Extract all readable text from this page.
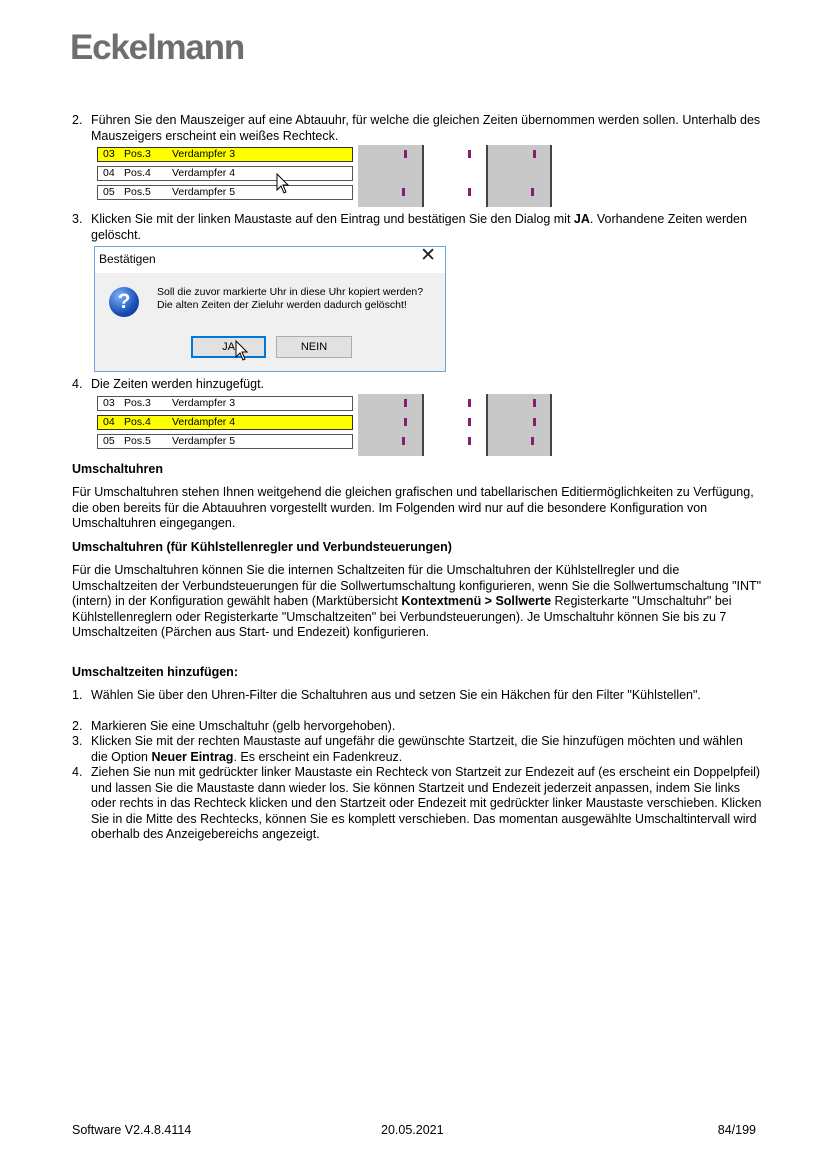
Eckelmann
2. Führen Sie den Mauszeiger auf eine Abtauuhr, für welche die gleichen Zeiten übernommen werden sollen. Unterhalb des Mauszeigers erscheint ein weißes Rechteck.
03 Pos.3 Verdampfer 3
04 Pos.4 Verdampfer 4
05 Pos.5 Verdampfer 5
3. Klicken Sie mit der linken Maustaste auf den Eintrag und bestätigen Sie den Dialog mit JA. Vorhandene Zeiten werden gelöscht.
Bestätigen	✕
?	Soll die zuvor markierte Uhr in diese Uhr kopiert werden?
Die alten Zeiten der Zieluhr werden dadurch gelöscht!
JA	NEIN
4. Die Zeiten werden hinzugefügt.
03 Pos.3 Verdampfer 3
04 Pos.4 Verdampfer 4
05 Pos.5 Verdampfer 5
Umschaltuhren
Für Umschaltuhren stehen Ihnen weitgehend die gleichen grafischen und tabellarischen Editiermöglichkeiten zu Verfügung, die oben bereits für die Abtauuhren vorgestellt wurden. Im Folgenden wird nur auf die besondere Konfiguration von Umschaltuhren eingegangen.
Umschaltuhren (für Kühlstellenregler und Verbundsteuerungen)
Für die Umschaltuhren können Sie die internen Schaltzeiten für die Umschaltuhren der Kühlstellregler und die Umschaltzeiten der Verbundsteuerungen für die Sollwertumschaltung konfigurieren, wenn Sie die Sollwertumschaltung "INT" (intern) in der Konfiguration gewählt haben (Marktübersicht Kontextmenü > Sollwerte Registerkarte "Umschaltuhr" bei Kühlstellenreglern oder Registerkarte "Umschaltzeiten" bei Verbundsteuerungen). Je Umschaltuhr können Sie bis zu 7 Umschaltzeiten (Pärchen aus Start- und Endezeit) konfigurieren.
Umschaltzeiten hinzufügen:
1. Wählen Sie über den Uhren-Filter die Schaltuhren aus und setzen Sie ein Häkchen für den Filter "Kühlstellen".
2. Markieren Sie eine Umschaltuhr (gelb hervorgehoben).
3. Klicken Sie mit der rechten Maustaste auf ungefähr die gewünschte Startzeit, die Sie hinzufügen möchten und wählen die Option Neuer Eintrag. Es erscheint ein Fadenkreuz.
4. Ziehen Sie nun mit gedrückter linker Maustaste ein Rechteck von Startzeit zur Endezeit auf (es erscheint ein Doppelpfeil) und lassen Sie die Maustaste dann wieder los. Sie können Startzeit und Endezeit jederzeit anpassen, indem Sie links oder rechts in das Rechteck klicken und den Startzeit oder Endezeit mit gedrückter linker Maustaste verschieben. Klicken Sie in die Mitte des Rechtecks, können Sie es komplett verschieben. Das momentan ausgewählte Umschaltintervall wird oberhalb des Anzeigebereichs angezeigt.
Software V2.4.8.4114	20.05.2021	84/199
